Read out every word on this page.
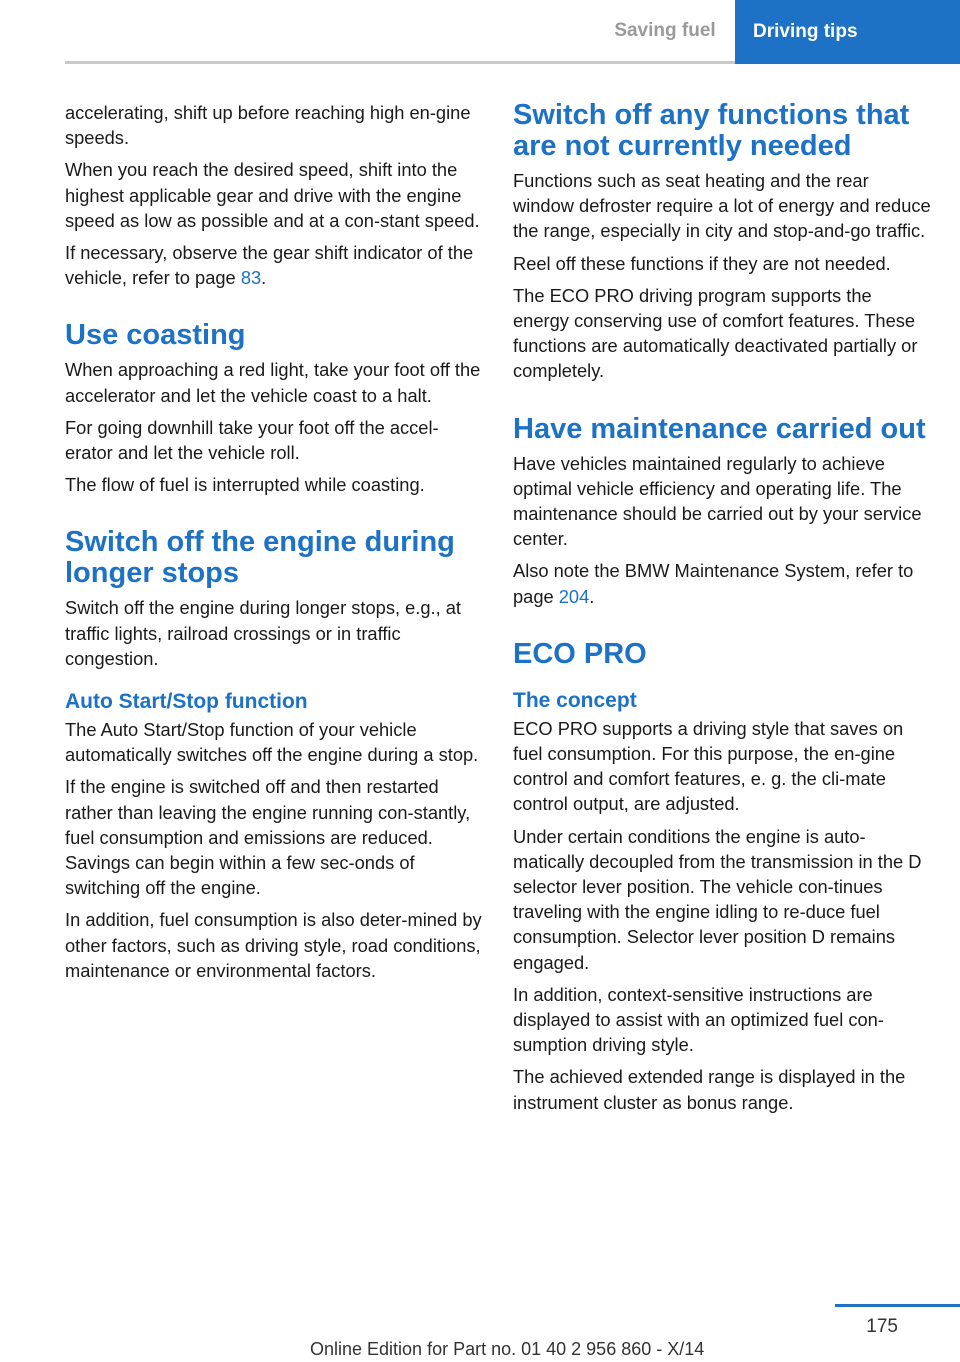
Saving fuel	Driving tips

accelerating, shift up before reaching high en-gine speeds.

When you reach the desired speed, shift into the highest applicable gear and drive with the engine speed as low as possible and at a con-stant speed.

If necessary, observe the gear shift indicator of the vehicle, refer to page 83.

Use coasting

When approaching a red light, take your foot off the accelerator and let the vehicle coast to a halt.

For going downhill take your foot off the accel-erator and let the vehicle roll.

The flow of fuel is interrupted while coasting.

Switch off the engine during longer stops

Switch off the engine during longer stops, e.g., at traffic lights, railroad crossings or in traffic congestion.

Auto Start/Stop function

The Auto Start/Stop function of your vehicle automatically switches off the engine during a stop.

If the engine is switched off and then restarted rather than leaving the engine running con-stantly, fuel consumption and emissions are reduced. Savings can begin within a few sec-onds of switching off the engine.

In addition, fuel consumption is also deter-mined by other factors, such as driving style, road conditions, maintenance or environmental factors.

Switch off any functions that are not currently needed

Functions such as seat heating and the rear window defroster require a lot of energy and reduce the range, especially in city and stop-and-go traffic.

Reel off these functions if they are not needed.

The ECO PRO driving program supports the energy conserving use of comfort features. These functions are automatically deactivated partially or completely.

Have maintenance carried out

Have vehicles maintained regularly to achieve optimal vehicle efficiency and operating life. The maintenance should be carried out by your service center.

Also note the BMW Maintenance System, refer to page 204.

ECO PRO
The concept

ECO PRO supports a driving style that saves on fuel consumption. For this purpose, the en-gine control and comfort features, e. g. the cli-mate control output, are adjusted.

Under certain conditions the engine is auto-matically decoupled from the transmission in the D selector lever position. The vehicle con-tinues traveling with the engine idling to re-duce fuel consumption. Selector lever position D remains engaged.

In addition, context-sensitive instructions are displayed to assist with an optimized fuel con-sumption driving style.

The achieved extended range is displayed in the instrument cluster as bonus range.

175
Online Edition for Part no. 01 40 2 956 860 - X/14
